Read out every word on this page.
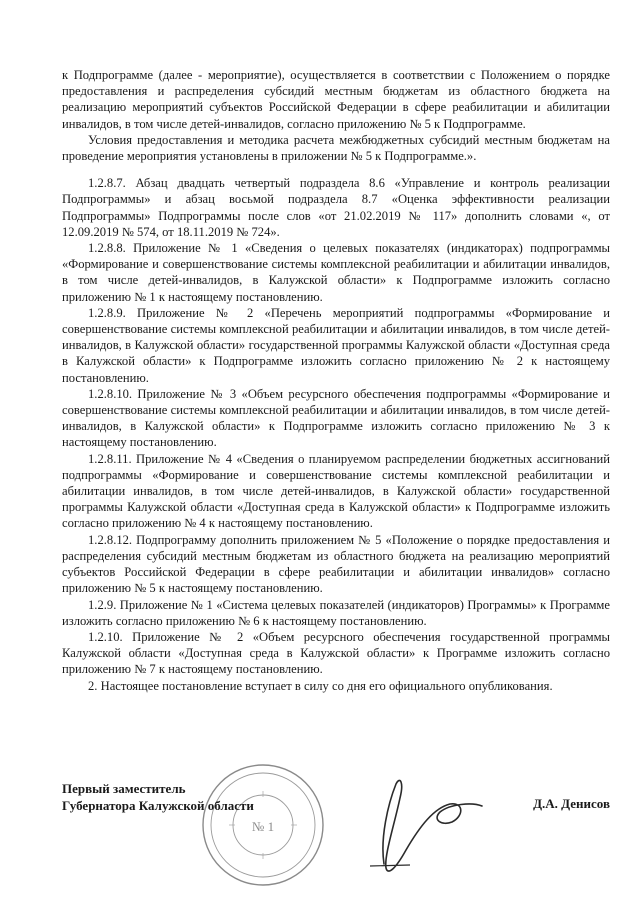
к Подпрограмме (далее - мероприятие), осуществляется в соответствии с Положением о порядке предоставления и распределения субсидий местным бюджетам из областного бюджета на реализацию мероприятий субъектов Российской Федерации в сфере реабилитации и абилитации инвалидов, в том числе детей-инвалидов, согласно приложению № 5 к Подпрограмме.

Условия предоставления и методика расчета межбюджетных субсидий местным бюджетам на проведение мероприятия установлены в приложении № 5 к Подпрограмме.».

1.2.8.7. Абзац двадцать четвертый подраздела 8.6 «Управление и контроль реализации Подпрограммы» и абзац восьмой подраздела 8.7 «Оценка эффективности реализации Подпрограммы» Подпрограммы после слов «от 21.02.2019 № 117» дополнить словами «, от 12.09.2019 № 574, от 18.11.2019 № 724».

1.2.8.8. Приложение № 1 «Сведения о целевых показателях (индикаторах) подпрограммы «Формирование и совершенствование системы комплексной реабилитации и абилитации инвалидов, в том числе детей-инвалидов, в Калужской области» к Подпрограмме изложить согласно приложению № 1 к настоящему постановлению.

1.2.8.9. Приложение № 2 «Перечень мероприятий подпрограммы «Формирование и совершенствование системы комплексной реабилитации и абилитации инвалидов, в том числе детей-инвалидов, в Калужской области» государственной программы Калужской области «Доступная среда в Калужской области» к Подпрограмме изложить согласно приложению № 2 к настоящему постановлению.

1.2.8.10. Приложение № 3 «Объем ресурсного обеспечения подпрограммы «Формирование и совершенствование системы комплексной реабилитации и абилитации инвалидов, в том числе детей-инвалидов, в Калужской области» к Подпрограмме изложить согласно приложению № 3 к настоящему постановлению.

1.2.8.11. Приложение № 4 «Сведения о планируемом распределении бюджетных ассигнований подпрограммы «Формирование и совершенствование системы комплексной реабилитации и абилитации инвалидов, в том числе детей-инвалидов, в Калужской области» государственной программы Калужской области «Доступная среда в Калужской области» к Подпрограмме изложить согласно приложению № 4 к настоящему постановлению.

1.2.8.12. Подпрограмму дополнить приложением № 5 «Положение о порядке предоставления и распределения субсидий местным бюджетам из областного бюджета на реализацию мероприятий субъектов Российской Федерации в сфере реабилитации и абилитации инвалидов» согласно приложению № 5 к настоящему постановлению.

1.2.9. Приложение № 1 «Система целевых показателей (индикаторов) Программы» к Программе изложить согласно приложению № 6 к настоящему постановлению.

1.2.10. Приложение № 2 «Объем ресурсного обеспечения государственной программы Калужской области «Доступная среда в Калужской области» к Программе изложить согласно приложению № 7 к настоящему постановлению.

2. Настоящее постановление вступает в силу со дня его официального опубликования.

№ 1
Первый заместитель
Губернатора Калужской области	Д.А. Денисов
